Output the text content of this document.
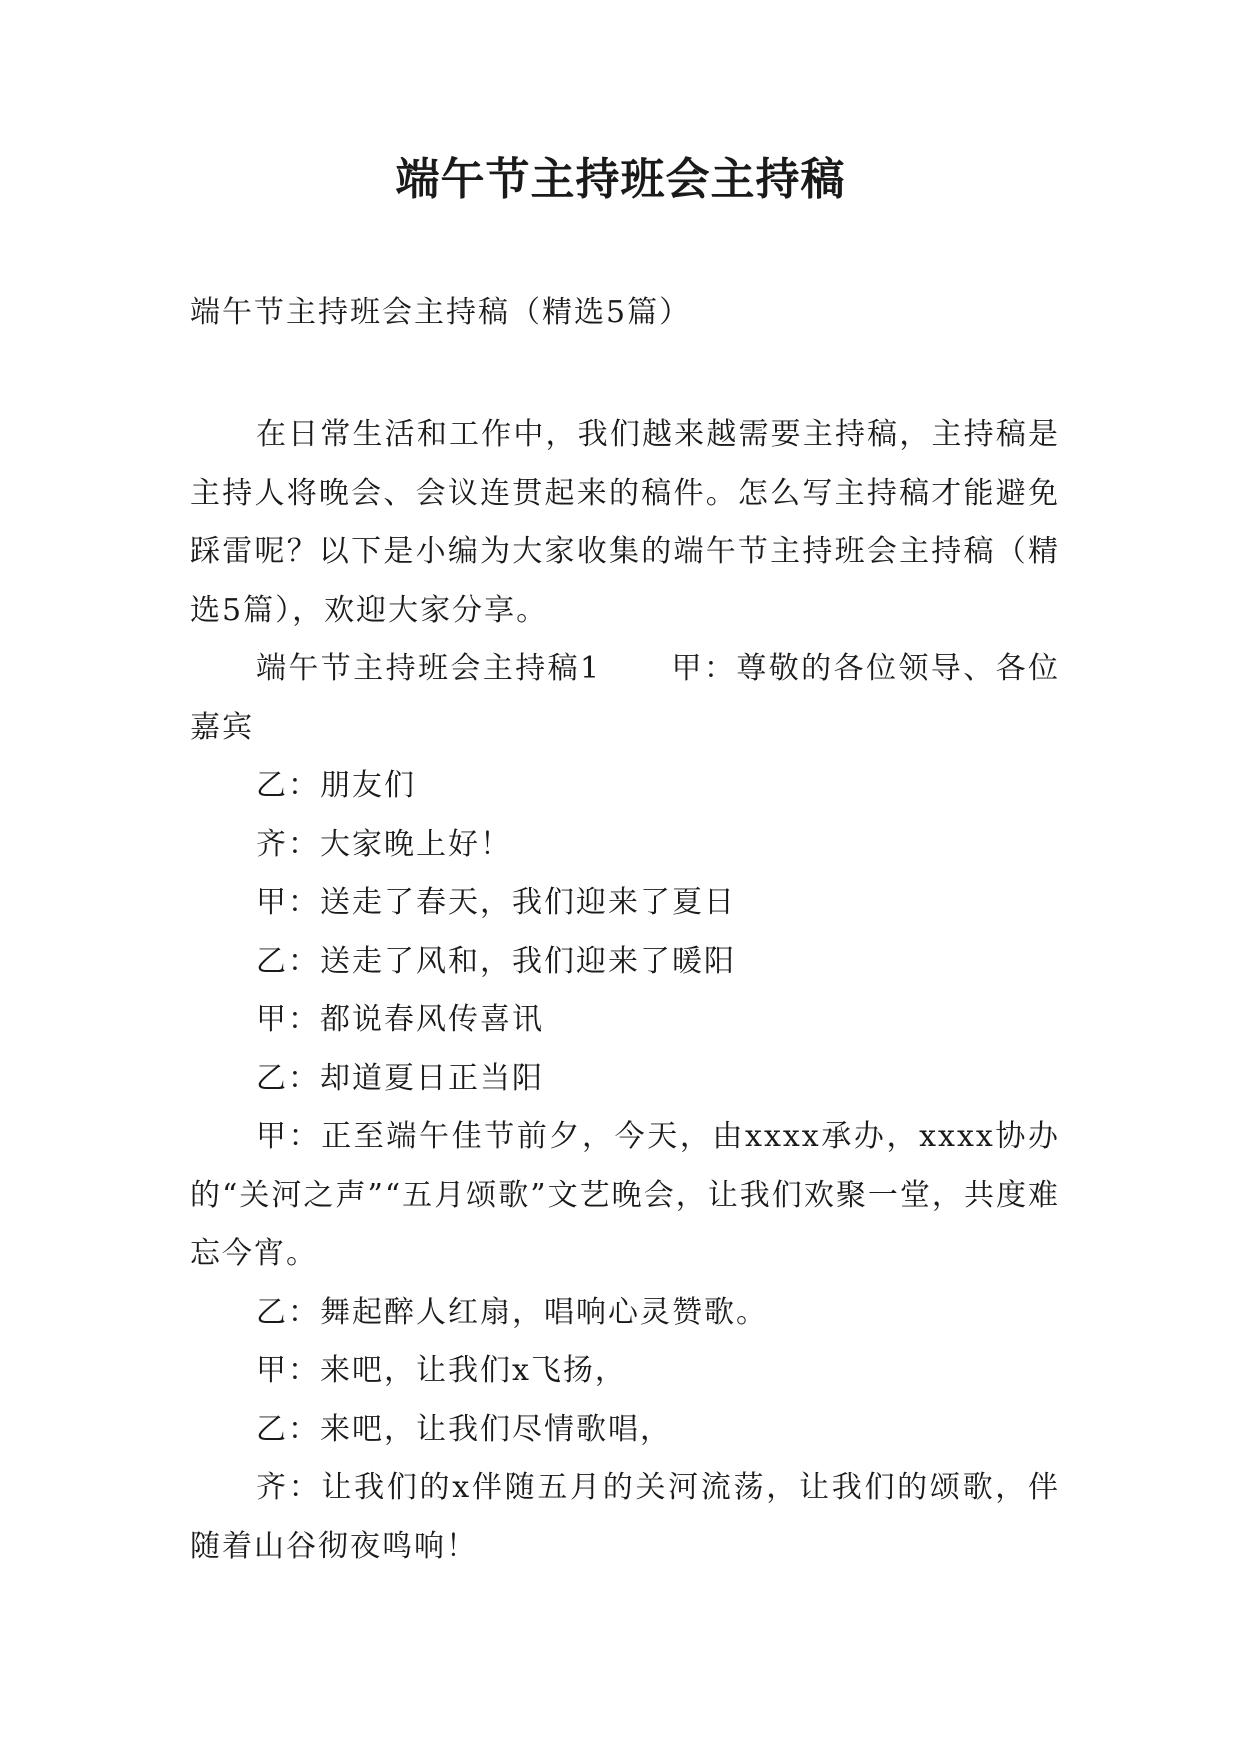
端午节主持班会主持稿

端午节主持班会主持稿（精选5篇）

在日常生活和工作中，我们越来越需要主持稿，主持稿是主持人将晚会、会议连贯起来的稿件。怎么写主持稿才能避免踩雷呢？以下是小编为大家收集的端午节主持班会主持稿（精选5篇），欢迎大家分享。

端午节主持班会主持稿1 甲：尊敬的各位领导、各位嘉宾

乙：朋友们

齐：大家晚上好！

甲：送走了春天，我们迎来了夏日

乙：送走了风和，我们迎来了暖阳

甲：都说春风传喜讯

乙：却道夏日正当阳

甲：正至端午佳节前夕，今天，由xxxx承办，xxxx协办的“关河之声”“五月颂歌”文艺晚会，让我们欢聚一堂，共度难忘今宵。

乙：舞起醉人红扇，唱响心灵赞歌。

甲：来吧，让我们x飞扬，

乙：来吧，让我们尽情歌唱，

齐：让我们的x伴随五月的关河流荡，让我们的颂歌，伴随着山谷彻夜鸣响！
